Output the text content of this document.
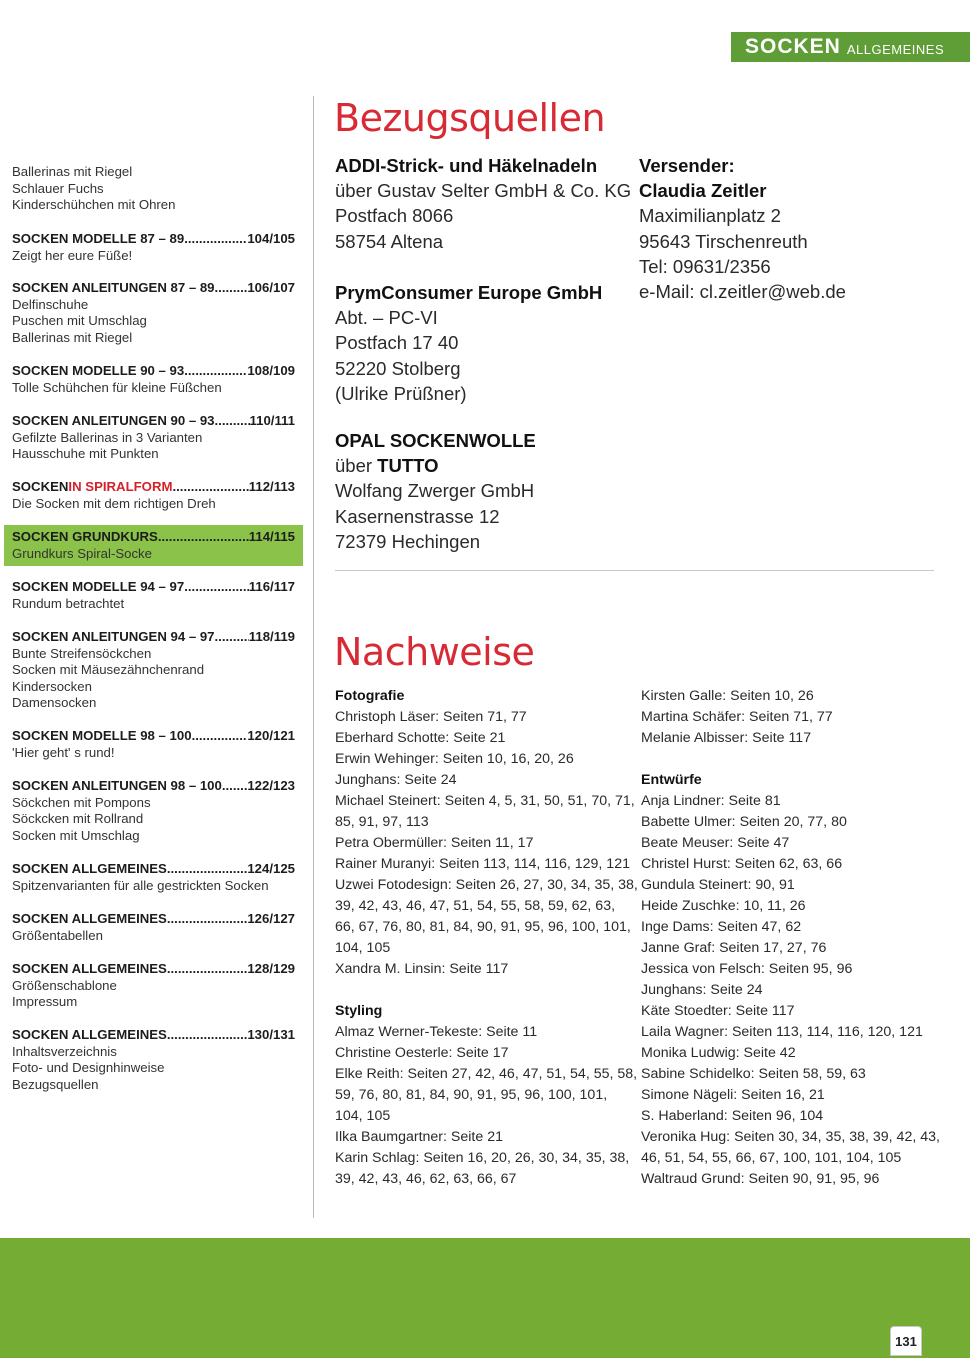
SOCKEN ALLGEMEINES
Ballerinas mit Riegel
Schlauer Fuchs
Kinderschühchen mit Ohren
SOCKEN MODELLE 87 – 89 .....	104/105
Zeigt her eure Füße!
SOCKEN ANLEITUNGEN 87 – 89 ..... 106/107
Delfinschuhe
Puschen mit Umschlag
Ballerinas mit Riegel
SOCKEN MODELLE 90 – 93 .....	108/109
Tolle Schühchen für kleine Füßchen
SOCKEN ANLEITUNGEN 90 – 93 .....	110/111
Gefilzte Ballerinas in 3 Varianten
Hausschuhe mit Punkten
SOCKEN IN SPIRALFORM .....	112/113
Die Socken mit dem richtigen Dreh
SOCKEN GRUNDKURS .....	114/115
Grundkurs Spiral-Socke
SOCKEN MODELLE 94 – 97 .....	116/117
Rundum betrachtet
SOCKEN ANLEITUNGEN 94 – 97 .....	118/119
Bunte Streifensöckchen
Socken mit Mäusezähnchenrand
Kindersocken
Damensocken
SOCKEN MODELLE 98 – 100 .....	120/121
'Hier geht' s rund!
SOCKEN ANLEITUNGEN 98 – 100 ..... 122/123
Söckchen mit Pompons
Söckcken mit Rollrand
Socken mit Umschlag
SOCKEN ALLGEMEINES .....	124/125
Spitzenvarianten für alle gestrickten Socken
SOCKEN ALLGEMEINES .....	126/127
Größentabellen
SOCKEN ALLGEMEINES .....	128/129
Größenschablone
Impressum
SOCKEN ALLGEMEINES .....	130/131
Inhaltsverzeichnis
Foto- und Designhinweise
Bezugsquellen
Bezugsquellen
ADDI-Strick- und Häkelnadeln
über Gustav Selter GmbH & Co. KG
Postfach 8066
58754 Altena
PrymConsumer Europe GmbH
Abt. – PC-VI
Postfach 17 40
52220 Stolberg
(Ulrike Prüßner)
OPAL SOCKENWOLLE
über TUTTO
Wolfang Zwerger GmbH
Kasernenstrasse 12
72379 Hechingen
Versender:
Claudia Zeitler
Maximilianplatz 2
95643 Tirschenreuth
Tel: 09631/2356
e-Mail: cl.zeitler@web.de
Nachweise
Fotografie
Christoph Läser: Seiten 71, 77
Eberhard Schotte: Seite 21
Erwin Wehinger: Seiten 10, 16, 20, 26
Junghans: Seite 24
Michael Steinert: Seiten 4, 5, 31, 50, 51, 70, 71,
85, 91, 97, 113
Petra Obermüller: Seiten 11, 17
Rainer Muranyi: Seiten 113, 114, 116, 129, 121
Uzwei Fotodesign: Seiten 26, 27, 30, 34, 35, 38,
39, 42, 43, 46, 47, 51, 54, 55, 58, 59, 62, 63,
66, 67, 76, 80, 81, 84, 90, 91, 95, 96, 100, 101,
104, 105
Xandra M. Linsin: Seite 117
Styling
Almaz Werner-Tekeste: Seite 11
Christine Oesterle: Seite 17
Elke Reith: Seiten 27, 42, 46, 47, 51, 54, 55, 58,
59, 76, 80, 81, 84, 90, 91, 95, 96, 100, 101,
104, 105
Ilka Baumgartner: Seite 21
Karin Schlag: Seiten 16, 20, 26, 30, 34, 35, 38,
39, 42, 43, 46, 62, 63, 66, 67
Kirsten Galle: Seiten 10, 26
Martina Schäfer: Seiten 71, 77
Melanie Albisser: Seite 117
Entwürfe
Anja Lindner: Seite 81
Babette Ulmer: Seiten 20, 77, 80
Beate Meuser: Seite 47
Christel Hurst: Seiten 62, 63, 66
Gundula Steinert: 90, 91
Heide Zuschke: 10, 11, 26
Inge Dams: Seiten 47, 62
Janne Graf: Seiten 17, 27, 76
Jessica von Felsch: Seiten 95, 96
Junghans: Seite 24
Käte Stoedter: Seite 117
Laila Wagner: Seiten 113, 114, 116, 120, 121
Monika Ludwig: Seite 42
Sabine Schidelko: Seiten 58, 59, 63
Simone Nägeli: Seiten 16, 21
S. Haberland: Seiten 96, 104
Veronika Hug: Seiten 30, 34, 35, 38, 39, 42, 43,
46, 51, 54, 55, 66, 67, 100, 101, 104, 105
Waltraud Grund: Seiten 90, 91, 95, 96
131
